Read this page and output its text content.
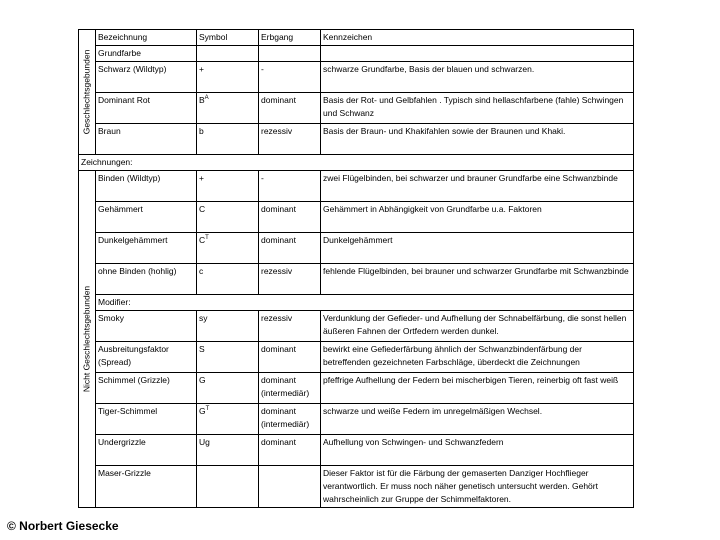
Geschlechtsgebunden	Bezeichnung	Symbol	Erbgang	Kennzeichen
	Grundfarbe			
	Schwarz (Wildtyp)	+	-	schwarze Grundfarbe, Basis der blauen und schwarzen.
	Dominant Rot	$B^A$	dominant	Basis der Rot- und Gelbfahlen . Typisch sind hellaschfarbene (fahle) Schwingen und Schwanz
	Braun	b	rezessiv	Basis der Braun- und Khakifahlen sowie der Braunen und Khaki.
Zeichnungen:				

Nicht Geschlechtsgebunden	Binden (Wildtyp)	+	-	zwei Flügelbinden, bei schwarzer und brauner Grundfarbe eine Schwanzbinde
	Gehämmert	C	dominant	Gehämmert in Abhängigkeit von Grundfarbe u.a. Faktoren
	Dunkelgehämmert	$C^T$	dominant	Dunkelgehämmert
	ohne Binden (hohlig)	c	rezessiv	fehlende Flügelbinden, bei brauner und schwarzer Grundfarbe mit Schwanzbinde
	Modifier:			
	Smoky	sy	rezessiv	Verdunklung der Gefieder- und Aufhellung der Schnabelfärbung, die sonst hellen äußeren Fahnen der Ortfedern werden dunkel.
	Ausbreitungsfaktor (Spread)	S	dominant	bewirkt eine Gefiederfärbung ähnlich der Schwanzbindenfärbung der betreffenden gezeichneten Farbschläge, überdeckt die Zeichnungen
	Schimmel (Grizzle)	G	dominant (intermediär)	pfeffrige Aufhellung der Federn bei mischerbigen Tieren, reinerbig oft fast weiß
	Tiger-Schimmel	$G^T$	dominant (intermediär)	schwarze und weiße Federn im unregelmäßigen Wechsel.
	Undergrizzle	Ug	dominant	Aufhellung von Schwingen- und Schwanzfedern
	Maser-Grizzle			Dieser Faktor ist für die Färbung der gemaserten Danziger Hochflieger verantwortlich. Er muss noch näher genetisch untersucht werden. Gehört wahrscheinlich zur Gruppe der Schimmelfaktoren.
© Norbert Giesecke
